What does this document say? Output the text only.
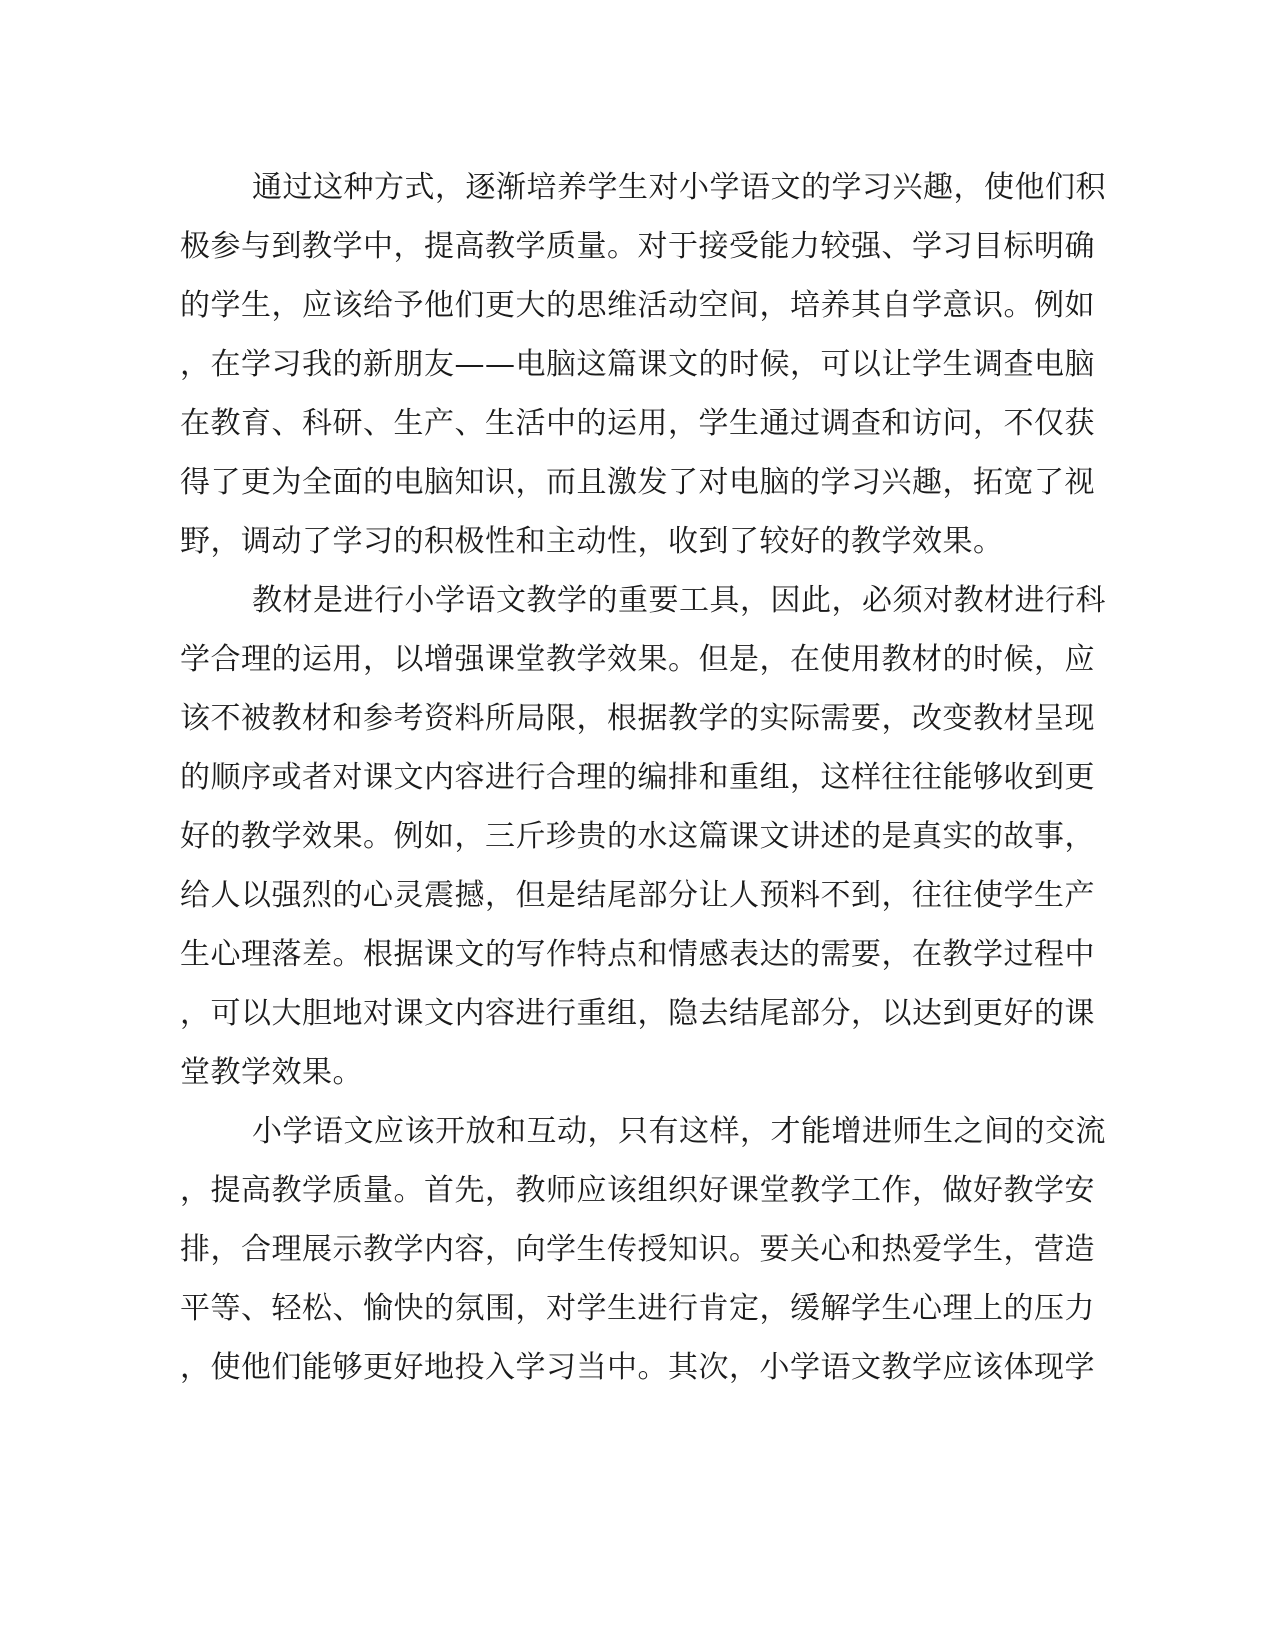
通过这种方式，逐渐培养学生对小学语文的学习兴趣，使他们积
极参与到教学中，提高教学质量。对于接受能力较强、学习目标明确
的学生，应该给予他们更大的思维活动空间，培养其自学意识。例如
，在学习我的新朋友——电脑这篇课文的时候，可以让学生调查电脑
在教育、科研、生产、生活中的运用，学生通过调查和访问，不仅获
得了更为全面的电脑知识，而且激发了对电脑的学习兴趣，拓宽了视
野，调动了学习的积极性和主动性，收到了较好的教学效果。
教材是进行小学语文教学的重要工具，因此，必须对教材进行科
学合理的运用，以增强课堂教学效果。但是，在使用教材的时候，应
该不被教材和参考资料所局限，根据教学的实际需要，改变教材呈现
的顺序或者对课文内容进行合理的编排和重组，这样往往能够收到更
好的教学效果。例如，三斤珍贵的水这篇课文讲述的是真实的故事，
给人以强烈的心灵震撼，但是结尾部分让人预料不到，往往使学生产
生心理落差。根据课文的写作特点和情感表达的需要，在教学过程中
，可以大胆地对课文内容进行重组，隐去结尾部分，以达到更好的课
堂教学效果。
小学语文应该开放和互动，只有这样，才能增进师生之间的交流
，提高教学质量。首先，教师应该组织好课堂教学工作，做好教学安
排，合理展示教学内容，向学生传授知识。要关心和热爱学生，营造
平等、轻松、愉快的氛围，对学生进行肯定，缓解学生心理上的压力
，使他们能够更好地投入学习当中。其次，小学语文教学应该体现学
